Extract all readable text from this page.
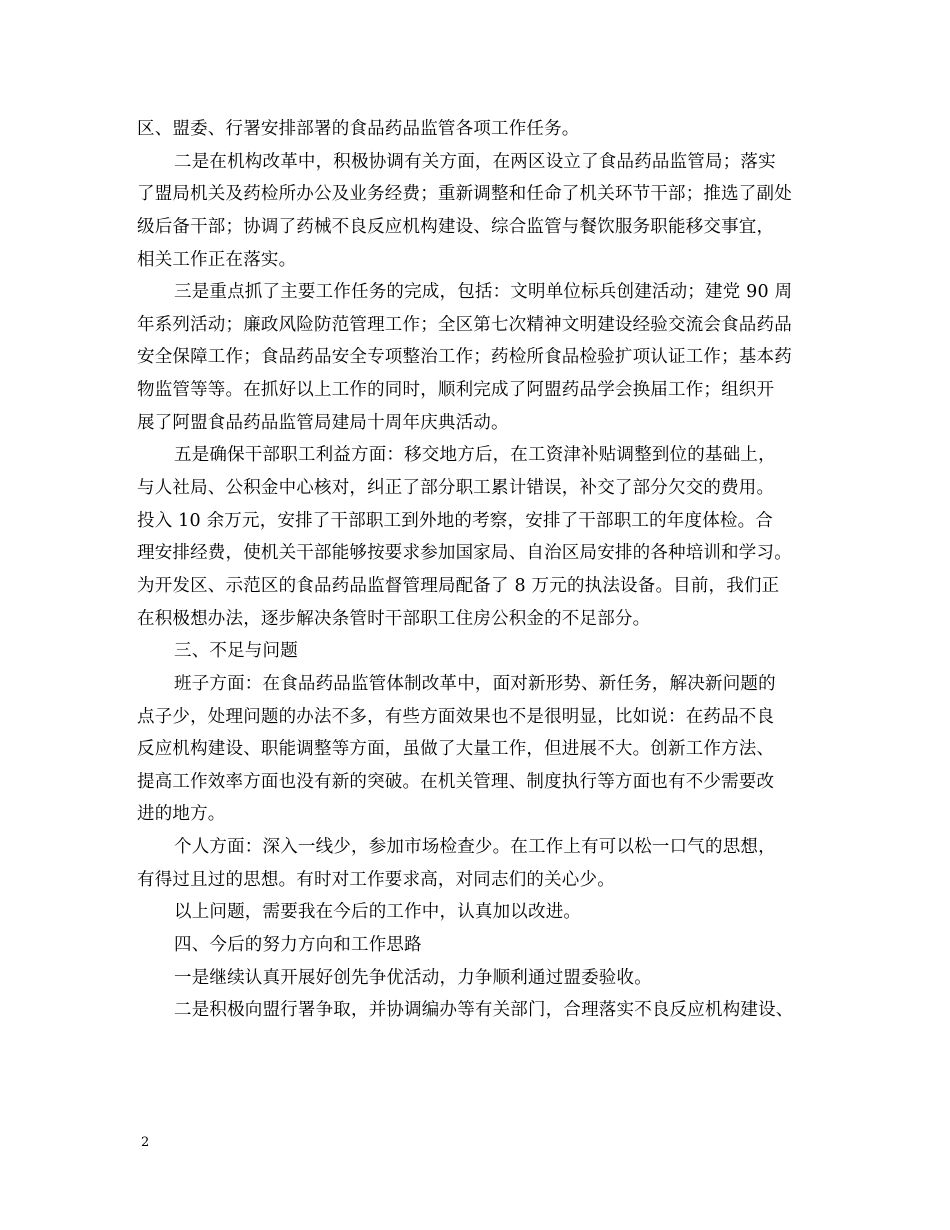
区、盟委、行署安排部署的食品药品监管各项工作任务。
二是在机构改革中，积极协调有关方面，在两区设立了食品药品监管局；落实
了盟局机关及药检所办公及业务经费；重新调整和任命了机关环节干部；推选了副处
级后备干部；协调了药械不良反应机构建设、综合监管与餐饮服务职能移交事宜，
相关工作正在落实。
三是重点抓了主要工作任务的完成，包括：文明单位标兵创建活动；建党 90 周
年系列活动；廉政风险防范管理工作；全区第七次精神文明建设经验交流会食品药品
安全保障工作；食品药品安全专项整治工作；药检所食品检验扩项认证工作；基本药
物监管等等。在抓好以上工作的同时，顺利完成了阿盟药品学会换届工作；组织开
展了阿盟食品药品监管局建局十周年庆典活动。
五是确保干部职工利益方面：移交地方后，在工资津补贴调整到位的基础上，
与人社局、公积金中心核对，纠正了部分职工累计错误，补交了部分欠交的费用。
投入 10 余万元，安排了干部职工到外地的考察，安排了干部职工的年度体检。合
理安排经费，使机关干部能够按要求参加国家局、自治区局安排的各种培训和学习。
为开发区、示范区的食品药品监督管理局配备了 8 万元的执法设备。目前，我们正
在积极想办法，逐步解决条管时干部职工住房公积金的不足部分。
三、不足与问题
班子方面：在食品药品监管体制改革中，面对新形势、新任务，解决新问题的
点子少，处理问题的办法不多，有些方面效果也不是很明显，比如说：在药品不良
反应机构建设、职能调整等方面，虽做了大量工作，但进展不大。创新工作方法、
提高工作效率方面也没有新的突破。在机关管理、制度执行等方面也有不少需要改
进的地方。
个人方面：深入一线少，参加市场检查少。在工作上有可以松一口气的思想，
有得过且过的思想。有时对工作要求高，对同志们的关心少。
以上问题，需要我在今后的工作中，认真加以改进。
四、今后的努力方向和工作思路
一是继续认真开展好创先争优活动，力争顺利通过盟委验收。
二是积极向盟行署争取，并协调编办等有关部门，合理落实不良反应机构建设、
2
